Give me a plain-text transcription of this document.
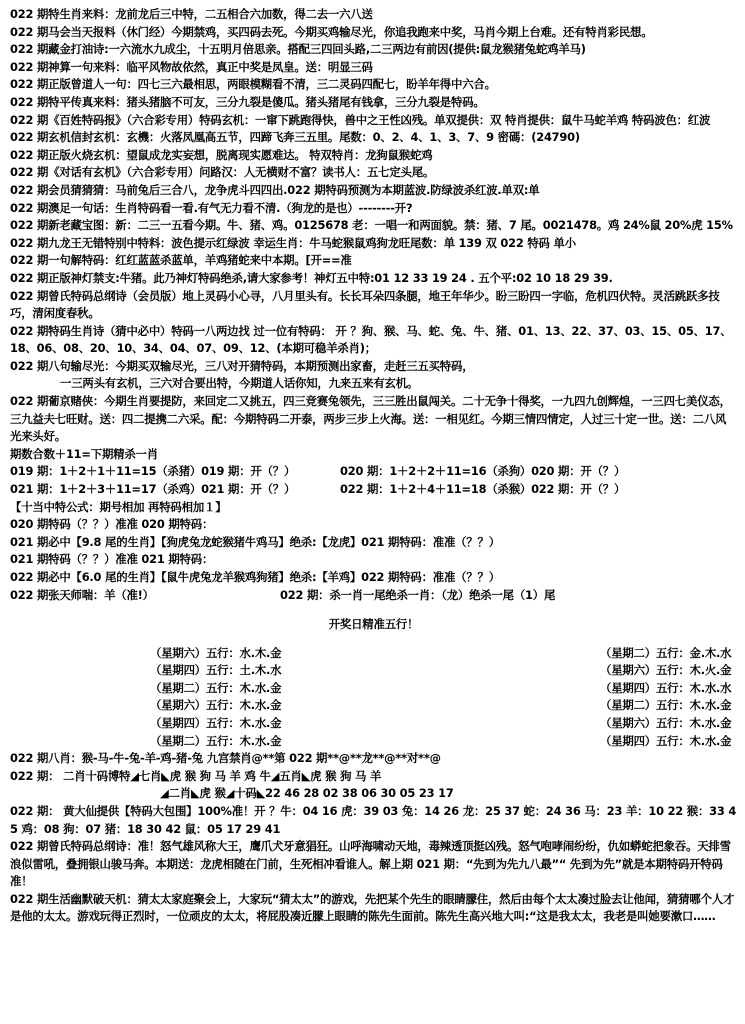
022 期特生肖来料：龙前龙后三中特，二五相合六加数，得二去一六八送

022 期马会当天报料（休门经）今期禁鸡，买四码去死。今期买鸡输尽光，你追我跑来中奖，马肖今期上台难。还有特肖彩民想。

022 期藏金打油诗:一六流水九成尘，十五明月倍思亲。搭配三四回头路,二三两边有前因(提供:鼠龙猴猪兔蛇鸡羊马)

022 期神算一句来料：临平风物故依然，真正中奖是凤皇。送：明显三码

022 期正版曾道人一句：四七三六最相思，两眼模糊看不清，三二灵码四配七，盼羊年得中六合。

022 期特平传真来料：猪头猪脑不可友，三分九裂是傻瓜。猪头猪尾有钱拿，三分九裂是特码。

022 期《百姓特码报》（六合彩专用）特码玄机：一窜下跳跑得快，兽中之王性凶残。单双提供：双 特肖提供：鼠牛马蛇羊鸡 特码波色：红波

022 期玄机信封玄机：玄機：火落凤凰高五节，四蹄飞奔三五里。尾数：0、2、4、1、3、7、9 密碼：(24790)

022 期正版火烧玄机：望鼠成龙实妄想，脱离现实愿难达。 特双特肖：龙狗鼠猴蛇鸡

022 期《对话有玄机》（六合彩专用）问路汉：人无横财不富？读书人：五七定头尾。

022 期会员猜猜猜：马前兔后三合八，龙争虎斗四四出.022 期特码预测为本期蓝波.防绿波杀红波.单双:单

022 期澳足一句话：生肖特码看一看.有气无力看不清.（狗龙的是也）--------开?

022 期新老藏宝图：新：二三一五看今期。牛、猪、鸡。0125678 老：一唱一和两面貌。禁：猪、7 尾。0021478。鸡 24%鼠 20%虎 15%

022 期九龙王无错特别中特料：波色提示红绿波 幸运生肖：牛马蛇猴鼠鸡狗龙旺尾数：单 139 双 022 特码 单小

022 期一句解特码：红红蓝蓝杀蓝单，羊鸡猪蛇来中本期。[开==准

022 期正版神灯禁支:牛猪。此乃神灯特码绝杀,请大家参考！神灯五中特:01 12 33 19 24 . 五个平:02 10 18 29 39.

022 期曾氏特码总纲诗（会员版）地上灵码小心寻，八月里头有。长长耳朵四条腿，地王年华少。盼三盼四一字临，危机四伏特。灵活跳跃多技巧，清闲度春秋。

022 期特码生肖诗（猜中必中）特码一八两边找 过一位有特码： 开 ？狗、猴、马、蛇、兔、牛、猪、01、13、22、37、03、15、05、17、18、06、08、20、10、34、04、07、09、12、(本期可稳羊杀肖)；

022 期八句输尽光：今期买双输尽光，三八对开猜特码，本期预测出家畜，走赶三五买特码，

一三两头有玄机，三六对合要出特，今期道人话你知，九来五来有玄机。

022 期葡京赌侠：今期生肖要提防，来回定二又挑五，四三竞赛兔领先，三三胜出鼠闯关。二十无争十得奖，一九四九创辉煌，一三四七美仪态，三九益夫七旺财。送：四二提携二六采。配：今期特码二开泰，两步三步上火海。送：一相见红。今期三情四情定，人过三十定一世。送：二八风光来头好。

期数合数＋11=下期精杀一肖

019 期：1＋2＋1＋11=15（杀猪）019 期：开（？）	020 期：1＋2＋2＋11=16（杀狗）020 期：开（？）
021 期：1＋2＋3＋11=17（杀鸡）021 期：开（？）	022 期：1＋2＋4＋11=18（杀猴）022 期：开（？）

【十当中特公式：期号相加 再特码相加１】

020 期特码（？？）准准 020 期特码：

021 期必中【9.8 尾的生肖】【狗虎兔龙蛇猴猪牛鸡马】绝杀:【龙虎】021 期特码：准准（？？）

021 期特码（？？）准准 021 期特码：

022 期必中【6.0 尾的生肖】【鼠牛虎兔龙羊猴鸡狗猪】绝杀:【羊鸡】022 期特码：准准（？？）

022 期张天师喘：羊（准!）	022 期：杀一肖一尾绝杀一肖：（龙）绝杀一尾（1）尾

开奖日精准五行！

（星期六）五行：水.木.金	（星期二）五行：金.木.水
（星期四）五行：土.木.水	（星期六）五行：木.火.金
（星期二）五行：木.水.金	（星期四）五行：木.水.水
（星期六）五行：木.水.金	（星期二）五行：木.水.金
（星期四）五行：木.水.金	（星期六）五行：木.水.金
（星期二）五行：木.水.金	（星期四）五行：木.水.金

022 期八肖：猴-马-牛-兔-羊-鸡-猪-兔 九宫禁肖@**第 022 期**@**龙**@**对**@

022 期： 二肖十码博特◢七肖◣虎 猴 狗 马 羊 鸡 牛◢五肖◣虎 猴 狗 马 羊

◢二肖◣虎 猴◢十码◣22 46 28 02 38 06 30 05 23 17

022 期： 黄大仙提供【特码大包围】100%准！开 ？牛：04 16 虎：39 03 兔：14 26 龙：25 37 蛇：24 36 马：23 羊：10 22 猴：33 45 鸡：08 狗：07 猪：18 30 42 鼠：05 17 29 41

022 期曾氏特码总纲诗：准！怒气雄风称大王，鹰爪犬牙意猖狂。山呼海啸动天地，毒辣透顶挺凶残。怒气咆哮闹纷纷，仇如蟒蛇把象吞。天排雪浪似雷吼，叠拥银山骏马奔。本期送：龙虎相随在门前，生死相冲看谁人。解上期 021 期：“先到为先九八最”“ 先到为先”就是本期特码开特码准！

022 期生活幽默破天机：猜太太家庭聚会上，大家玩“猜太太”的游戏，先把某个先生的眼睛朦住，然后由每个太太凑过脸去让他闻，猜猜哪个人才是他的太太。游戏玩得正烈时，一位顽皮的太太，将屁股凑近朦上眼睛的陈先生面前。陈先生高兴地大叫:“这是我太太，我老是叫她要漱口……
